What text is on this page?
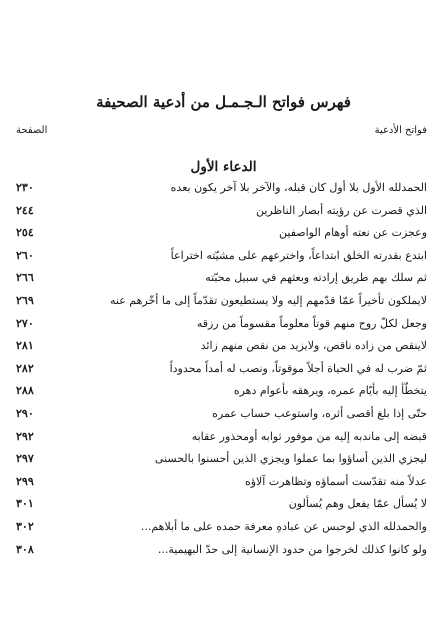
فهرس فواتح الـجـمـل من أدعية الصحيفة
فواتح الأدعية
الصفحة
الدعاء الأول
الحمدلله الأول بلا أول كان قبله، والآخر بلا آخر يكون بعده
٢٣٠
الذي قصرت عن رؤيته أبصار الناظرين
٢٤٤
وعجزت عن نعته أوهام الواصفين
٢٥٤
ابتدع بقدرته الخلق ابتداعاً، واخترعهم على مشيّته اختراعاً
٢٦٠
ثم سلك بهم طريق إرادته وبعثهم في سبيل محبّته
٢٦٦
لايملكون تأخيراً عمّا قدّمهم إليه ولا يستطيعون تقدّماً إلى ما أخّرهم عنه
٢٦٩
وجعل لكلّ روح منهم قوتاً معلوماً مقسوماً من رزقه
٢٧٠
لاينقص من زاده ناقص، ولايزيد من نقص منهم زائد
٢٨١
ثمّ ضرب له في الحياة أجلاً موقوتاً، ونصب له أمداً محدوداً
٢٨٢
يتخطّأ إليه بأيّام عمره، ويرهقه بأعوام دهره
٢٨٨
حتّى إذا بلغ أقصى أثره، واستوعب حساب عمره
٢٩٠
قبضه إلى ماندبه إليه من موفور ثوابه أومحذور عقابه
٢٩٢
ليجزي الذين أساؤوا بما عملوا ويجزي الذين أحسنوا بالحسنى
٢٩٧
عدلاً منه تقدّست أسماؤه وتظاهرت آلاؤه
٢٩٩
لا يُسأل عمّا يفعل وهم يُسألون
٣٠١
والحمدلله الذي لوحبس عن عبادهِ معرفة حمده على ما أبلاهم...
٣٠٢
ولو كانوا كذلك لخرجوا من حدود الإنسانية إلى حدّ البهيمية...
٣٠٨
